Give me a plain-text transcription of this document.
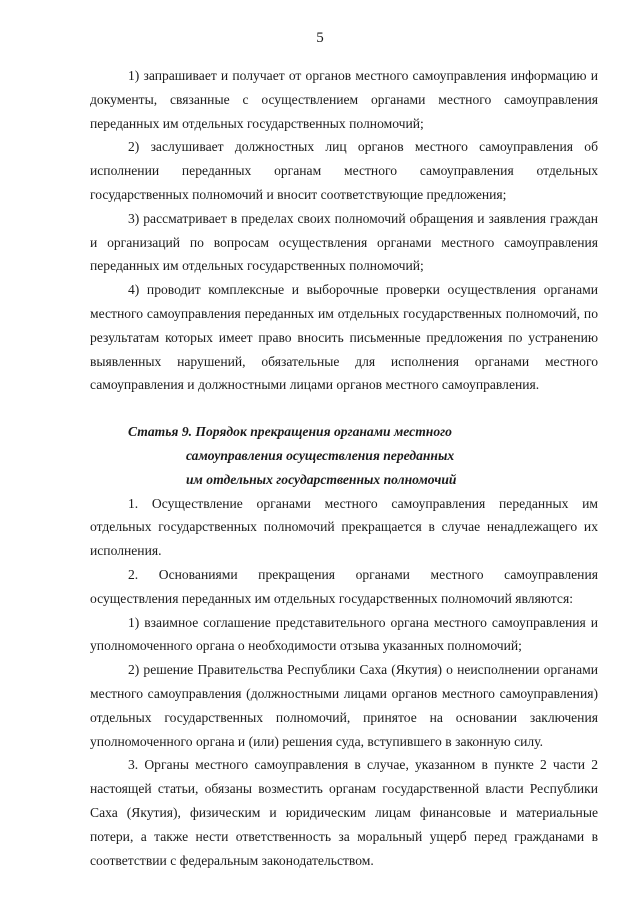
5

1) запрашивает и получает от органов местного самоуправления информацию и документы, связанные с осуществлением органами местного самоуправления переданных им отдельных государственных полномочий;

2) заслушивает должностных лиц органов местного самоуправления об исполнении переданных органам местного самоуправления отдельных государственных полномочий и вносит соответствующие предложения;

3) рассматривает в пределах своих полномочий обращения и заявления граждан и организаций по вопросам осуществления органами местного самоуправления переданных им отдельных государственных полномочий;

4) проводит комплексные и выборочные проверки осуществления органами местного самоуправления переданных им отдельных государственных полномочий, по результатам которых имеет право вносить письменные предложения по устранению выявленных нарушений, обязательные для исполнения органами местного самоуправления и должностными лицами органов местного самоуправления.

Статья 9. Порядок прекращения органами местного
самоуправления осуществления переданных
им отдельных государственных полномочий

1. Осуществление органами местного самоуправления переданных им отдельных государственных полномочий прекращается в случае ненадлежащего их исполнения.

2. Основаниями прекращения органами местного самоуправления осуществления переданных им отдельных государственных полномочий являются:

1) взаимное соглашение представительного органа местного самоуправления и уполномоченного органа о необходимости отзыва указанных полномочий;

2) решение Правительства Республики Саха (Якутия) о неисполнении органами местного самоуправления (должностными лицами органов местного самоуправления) отдельных государственных полномочий, принятое на основании заключения уполномоченного органа и (или) решения суда, вступившего в законную силу.

3. Органы местного самоуправления в случае, указанном в пункте 2 части 2 настоящей статьи, обязаны возместить органам государственной власти Республики Саха (Якутия), физическим и юридическим лицам финансовые и материальные потери, а также нести ответственность за моральный ущерб перед гражданами в соответствии с федеральным законодательством.
